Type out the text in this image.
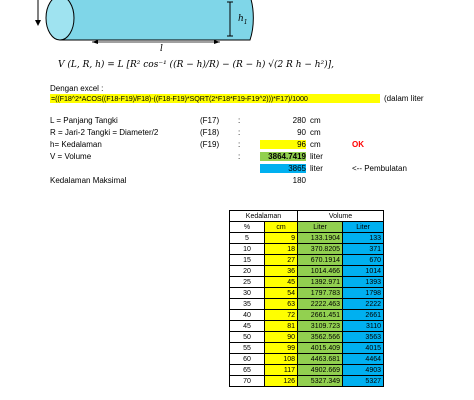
$h_1$
l
V (L, R, h) = L [R² cos⁻¹ ((R − h)/R) − (R − h) √(2 R h − h²)],
Dengan excel :
=((F18^2*ACOS((F18-F19)/F18)-((F18-F19)*SQRT(2*F18*F19-F19^2)))*F17)/1000	(dalam liter
L = Panjang Tangki	(F17) :	280 cm
R = Jari-2 Tangki = Diameter/2	(F18) :	90 cm
h= Kedalaman	(F19) :	96 cm	OK
V = Volume	:	3864.7419 liter
3865 liter	<-- Pembulatan
Kedalaman Maksimal	180
Kedalaman		Volume	
%	cm	Liter	Liter
5	9	133.1904	133
10	18	370.8205	371
15	27	670.1914	670
20	36	1014.466	1014
25	45	1392.971	1393
30	54	1797.783	1798
35	63	2222.463	2222
40	72	2661.451	2661
45	81	3109.723	3110
50	90	3562.566	3563
55	99	4015.409	4015
60	108	4463.681	4464
65	117	4902.669	4903
70	126	5327.349	5327
